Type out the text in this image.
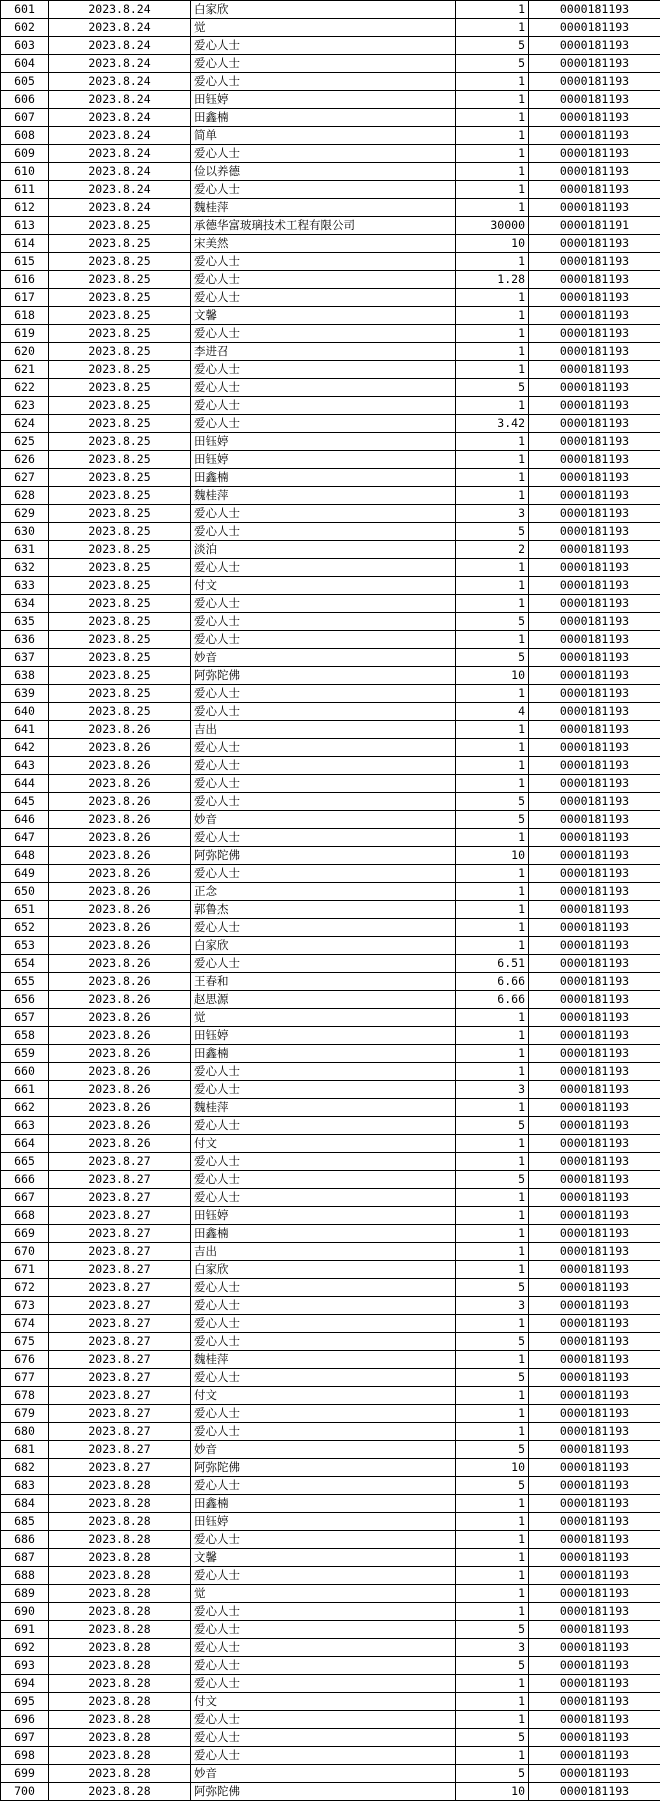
601	2023.8.24	白家欣	1	0000181193
602	2023.8.24	觉	1	0000181193
603	2023.8.24	爱心人士	5	0000181193
604	2023.8.24	爱心人士	5	0000181193
605	2023.8.24	爱心人士	1	0000181193
606	2023.8.24	田钰婷	1	0000181193
607	2023.8.24	田鑫楠	1	0000181193
608	2023.8.24	简单	1	0000181193
609	2023.8.24	爱心人士	1	0000181193
610	2023.8.24	俭以养德	1	0000181193
611	2023.8.24	爱心人士	1	0000181193
612	2023.8.24	魏桂萍	1	0000181193
613	2023.8.25	承德华富玻璃技术工程有限公司	30000	0000181191
614	2023.8.25	宋美然	10	0000181193
615	2023.8.25	爱心人士	1	0000181193
616	2023.8.25	爱心人士	1.28	0000181193
617	2023.8.25	爱心人士	1	0000181193
618	2023.8.25	文馨	1	0000181193
619	2023.8.25	爱心人士	1	0000181193
620	2023.8.25	李进召	1	0000181193
621	2023.8.25	爱心人士	1	0000181193
622	2023.8.25	爱心人士	5	0000181193
623	2023.8.25	爱心人士	1	0000181193
624	2023.8.25	爱心人士	3.42	0000181193
625	2023.8.25	田钰婷	1	0000181193
626	2023.8.25	田钰婷	1	0000181193
627	2023.8.25	田鑫楠	1	0000181193
628	2023.8.25	魏桂萍	1	0000181193
629	2023.8.25	爱心人士	3	0000181193
630	2023.8.25	爱心人士	5	0000181193
631	2023.8.25	淡泊	2	0000181193
632	2023.8.25	爱心人士	1	0000181193
633	2023.8.25	付文	1	0000181193
634	2023.8.25	爱心人士	1	0000181193
635	2023.8.25	爱心人士	5	0000181193
636	2023.8.25	爱心人士	1	0000181193
637	2023.8.25	妙音	5	0000181193
638	2023.8.25	阿弥陀佛	10	0000181193
639	2023.8.25	爱心人士	1	0000181193
640	2023.8.25	爱心人士	4	0000181193
641	2023.8.26	吉出	1	0000181193
642	2023.8.26	爱心人士	1	0000181193
643	2023.8.26	爱心人士	1	0000181193
644	2023.8.26	爱心人士	1	0000181193
645	2023.8.26	爱心人士	5	0000181193
646	2023.8.26	妙音	5	0000181193
647	2023.8.26	爱心人士	1	0000181193
648	2023.8.26	阿弥陀佛	10	0000181193
649	2023.8.26	爱心人士	1	0000181193
650	2023.8.26	正念	1	0000181193
651	2023.8.26	郭鲁杰	1	0000181193
652	2023.8.26	爱心人士	1	0000181193
653	2023.8.26	白家欣	1	0000181193
654	2023.8.26	爱心人士	6.51	0000181193
655	2023.8.26	王春和	6.66	0000181193
656	2023.8.26	赵思源	6.66	0000181193
657	2023.8.26	觉	1	0000181193
658	2023.8.26	田钰婷	1	0000181193
659	2023.8.26	田鑫楠	1	0000181193
660	2023.8.26	爱心人士	1	0000181193
661	2023.8.26	爱心人士	3	0000181193
662	2023.8.26	魏桂萍	1	0000181193
663	2023.8.26	爱心人士	5	0000181193
664	2023.8.26	付文	1	0000181193
665	2023.8.27	爱心人士	1	0000181193
666	2023.8.27	爱心人士	5	0000181193
667	2023.8.27	爱心人士	1	0000181193
668	2023.8.27	田钰婷	1	0000181193
669	2023.8.27	田鑫楠	1	0000181193
670	2023.8.27	吉出	1	0000181193
671	2023.8.27	白家欣	1	0000181193
672	2023.8.27	爱心人士	5	0000181193
673	2023.8.27	爱心人士	3	0000181193
674	2023.8.27	爱心人士	1	0000181193
675	2023.8.27	爱心人士	5	0000181193
676	2023.8.27	魏桂萍	1	0000181193
677	2023.8.27	爱心人士	5	0000181193
678	2023.8.27	付文	1	0000181193
679	2023.8.27	爱心人士	1	0000181193
680	2023.8.27	爱心人士	1	0000181193
681	2023.8.27	妙音	5	0000181193
682	2023.8.27	阿弥陀佛	10	0000181193
683	2023.8.28	爱心人士	5	0000181193
684	2023.8.28	田鑫楠	1	0000181193
685	2023.8.28	田钰婷	1	0000181193
686	2023.8.28	爱心人士	1	0000181193
687	2023.8.28	文馨	1	0000181193
688	2023.8.28	爱心人士	1	0000181193
689	2023.8.28	觉	1	0000181193
690	2023.8.28	爱心人士	1	0000181193
691	2023.8.28	爱心人士	5	0000181193
692	2023.8.28	爱心人士	3	0000181193
693	2023.8.28	爱心人士	5	0000181193
694	2023.8.28	爱心人士	1	0000181193
695	2023.8.28	付文	1	0000181193
696	2023.8.28	爱心人士	1	0000181193
697	2023.8.28	爱心人士	5	0000181193
698	2023.8.28	爱心人士	1	0000181193
699	2023.8.28	妙音	5	0000181193
700	2023.8.28	阿弥陀佛	10	0000181193
